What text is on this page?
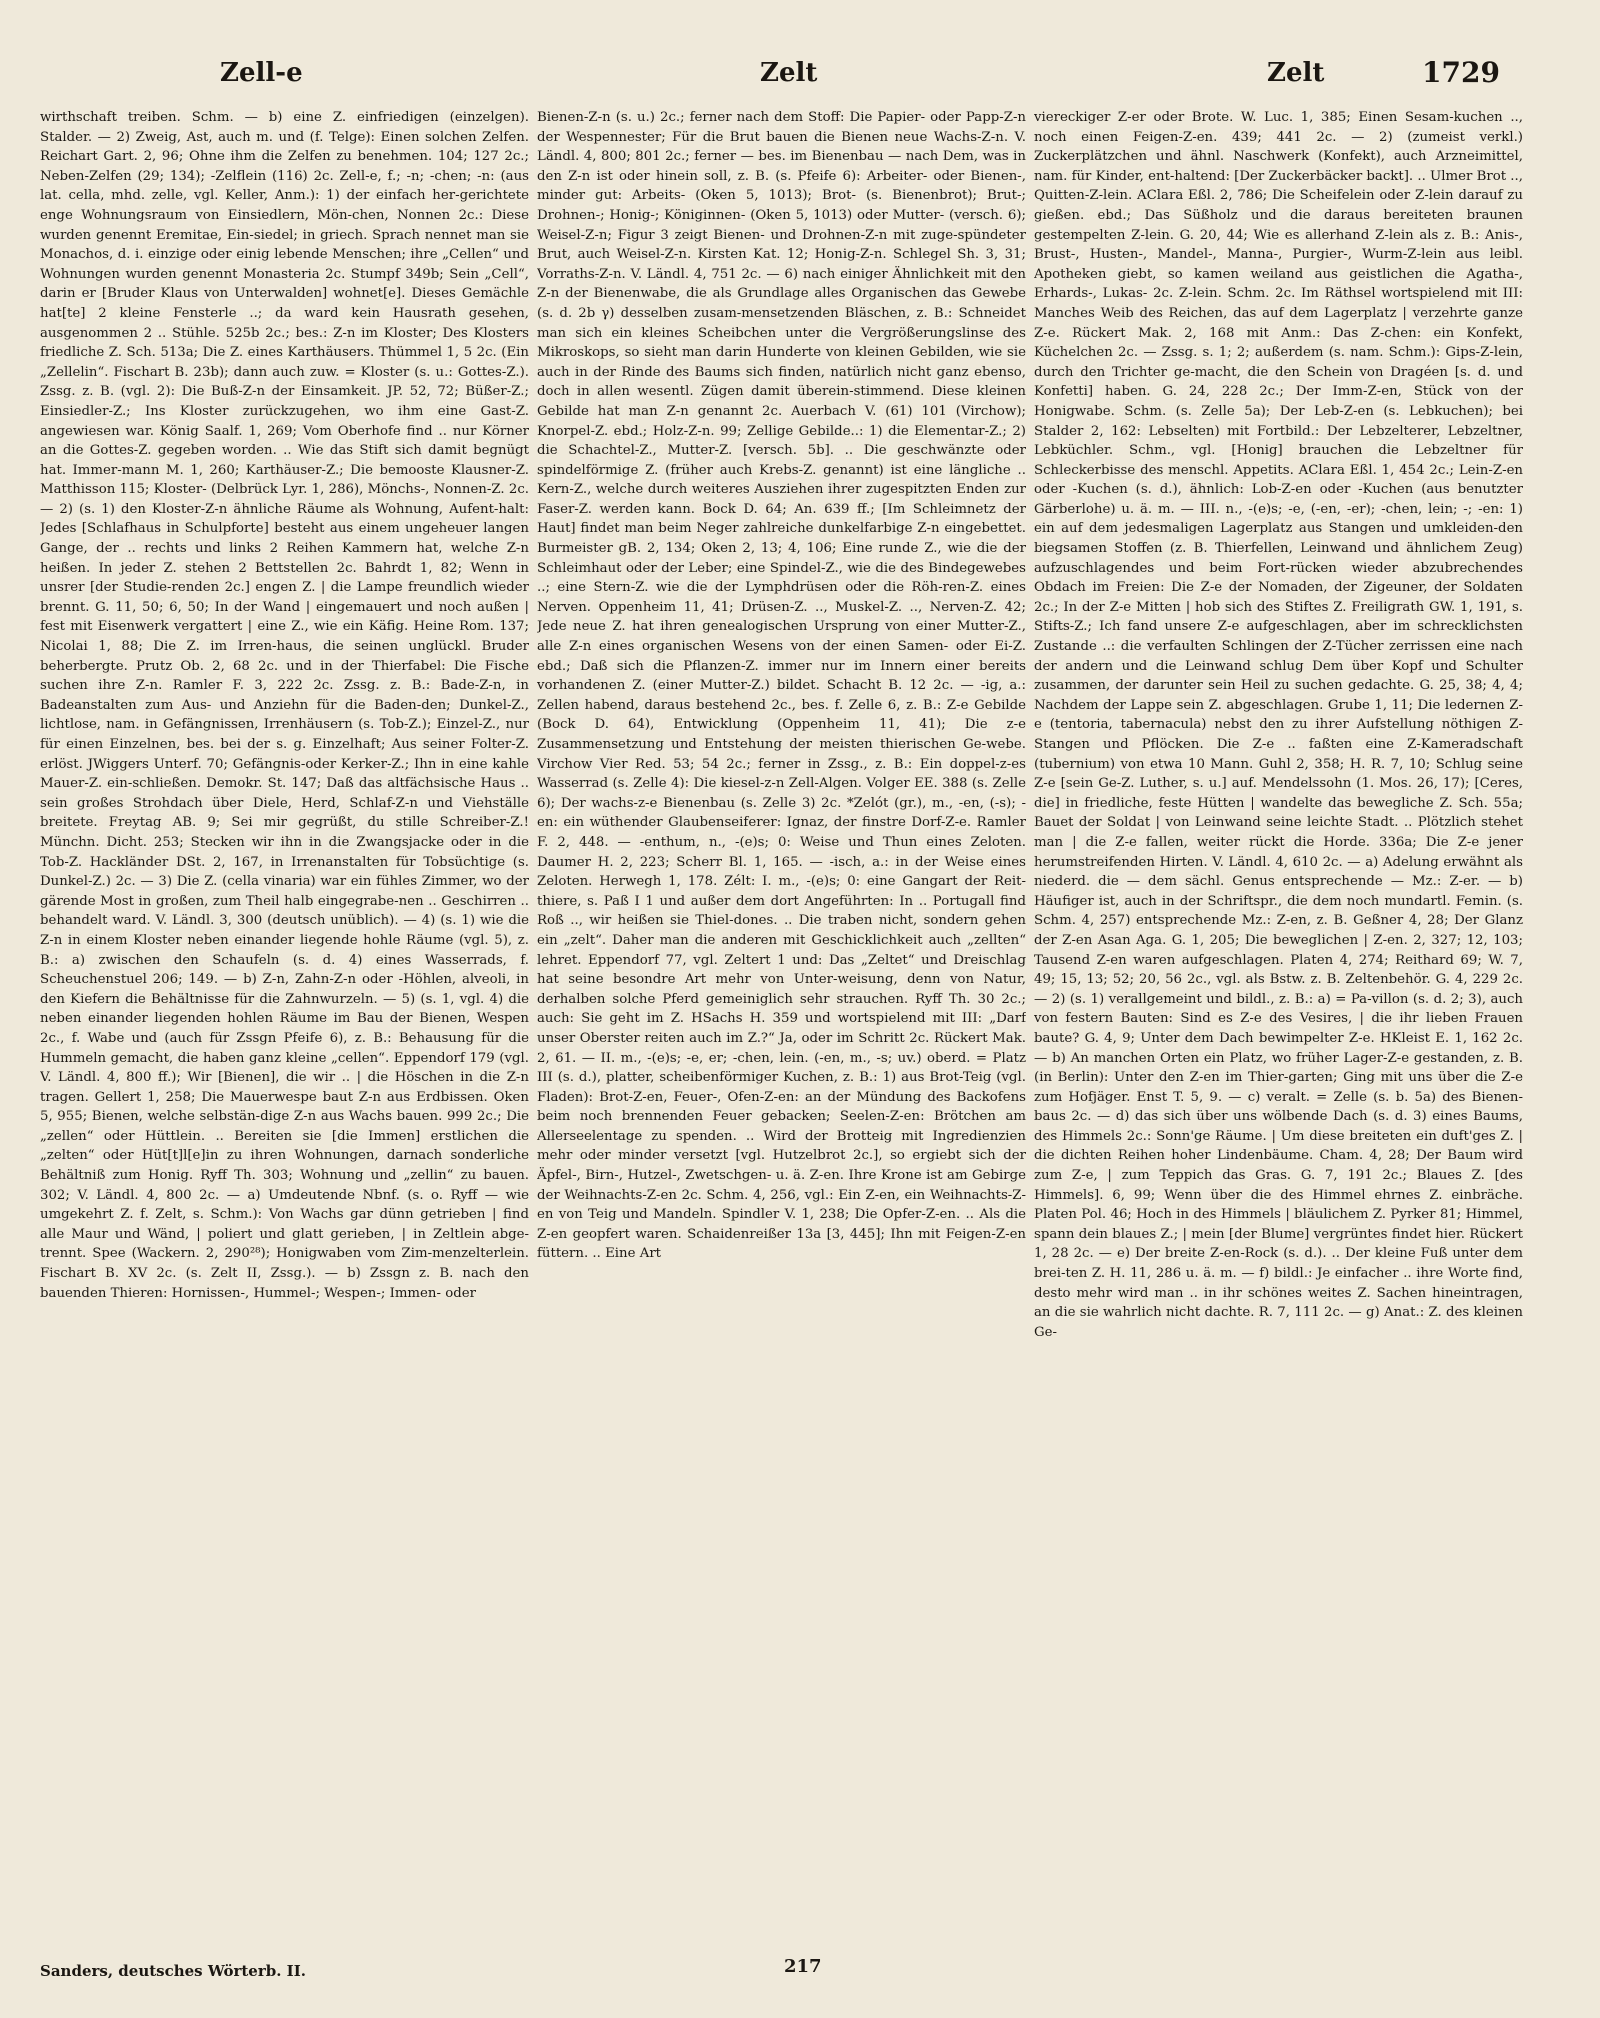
Zell-e	Zelt	Zelt	1729

wirthschaft treiben. Schm. — b) eine Z. einfriedigen (einzelgen). Stalder. — 2) Zweig, Ast, auch m. und (f. Telge): Einen solchen Zelfen. Reichart Gart. 2, 96; Ohne ihm die Zelfen zu benehmen. 104; 127 2c.; Neben-Zelfen (29; 134); -Zelflein (116) 2c. Zell-e, f.; -n; -chen; -n: (aus lat. cella, mhd. zelle, vgl. Keller, Anm.): 1) der einfach her-gerichtete enge Wohnungsraum von Einsiedlern, Mön-chen, Nonnen 2c.: Diese wurden genennt Eremitae, Ein-siedel; in griech. Sprach nennet man sie Monachos, d. i. einzige oder einig lebende Menschen; ihre „Cellen“ und Wohnungen wurden genennt Monasteria 2c. Stumpf 349b; Sein „Cell“, darin er [Bruder Klaus von Unterwalden] wohnet[e]. Dieses Gemächle hat[te] 2 kleine Fensterle ..; da ward kein Hausrath gesehen, ausgenommen 2 .. Stühle. 525b 2c.; bes.: Z-n im Kloster; Des Klosters friedliche Z. Sch. 513a; Die Z. eines Karthäusers. Thümmel 1, 5 2c. (Ein „Zellelin“. Fischart B. 23b); dann auch zuw. = Kloster (s. u.: Gottes-Z.). Zssg. z. B. (vgl. 2): Die Buß-Z-n der Einsamkeit. JP. 52, 72; Büßer-Z.; Einsiedler-Z.; Ins Kloster zurückzugehen, wo ihm eine Gast-Z. angewiesen war. König Saalf. 1, 269; Vom Oberhofe find .. nur Körner an die Gottes-Z. gegeben worden. .. Wie das Stift sich damit begnügt hat. Immer-mann M. 1, 260; Karthäuser-Z.; Die bemooste Klausner-Z. Matthisson 115; Kloster- (Delbrück Lyr. 1, 286), Mönchs-, Nonnen-Z. 2c. — 2) (s. 1) den Kloster-Z-n ähnliche Räume als Wohnung, Aufent-halt: Jedes [Schlafhaus in Schulpforte] besteht aus einem ungeheuer langen Gange, der .. rechts und links 2 Reihen Kammern hat, welche Z-n heißen. In jeder Z. stehen 2 Bettstellen 2c. Bahrdt 1, 82; Wenn in unsrer [der Studie-renden 2c.] engen Z. | die Lampe freundlich wieder brennt. G. 11, 50; 6, 50; In der Wand | eingemauert und noch außen | fest mit Eisenwerk vergattert | eine Z., wie ein Käfig. Heine Rom. 137; Nicolai 1, 88; Die Z. im Irren-haus, die seinen unglückl. Bruder beherbergte. Prutz Ob. 2, 68 2c. und in der Thierfabel: Die Fische suchen ihre Z-n. Ramler F. 3, 222 2c. Zssg. z. B.: Bade-Z-n, in Badeanstalten zum Aus- und Anziehn für die Baden-den; Dunkel-Z., lichtlose, nam. in Gefängnissen, Irrenhäusern (s. Tob-Z.); Einzel-Z., nur für einen Einzelnen, bes. bei der s. g. Einzelhaft; Aus seiner Folter-Z. erlöst. JWiggers Unterf. 70; Gefängnis-oder Kerker-Z.; Ihn in eine kahle Mauer-Z. ein-schließen. Demokr. St. 147; Daß das altfächsische Haus .. sein großes Strohdach über Diele, Herd, Schlaf-Z-n und Viehställe breitete. Freytag AB. 9; Sei mir gegrüßt, du stille Schreiber-Z.! Münchn. Dicht. 253; Stecken wir ihn in die Zwangsjacke oder in die Tob-Z. Hackländer DSt. 2, 167, in Irrenanstalten für Tobsüchtige (s. Dunkel-Z.) 2c. — 3) Die Z. (cella vinaria) war ein fühles Zimmer, wo der gärende Most in großen, zum Theil halb eingegrabe-nen .. Geschirren .. behandelt ward. V. Ländl. 3, 300 (deutsch unüblich). — 4) (s. 1) wie die Z-n in einem Kloster neben einander liegende hohle Räume (vgl. 5), z. B.: a) zwischen den Schaufeln (s. d. 4) eines Wasserrads, f. Scheuchenstuel 206; 149. — b) Z-n, Zahn-Z-n oder -Höhlen, alveoli, in den Kiefern die Behältnisse für die Zahnwurzeln. — 5) (s. 1, vgl. 4) die neben einander liegenden hohlen Räume im Bau der Bienen, Wespen 2c., f. Wabe und (auch für Zssgn Pfeife 6), z. B.: Behausung für die Hummeln gemacht, die haben ganz kleine „cellen“. Eppendorf 179 (vgl. V. Ländl. 4, 800 ff.); Wir [Bienen], die wir .. | die Höschen in die Z-n tragen. Gellert 1, 258; Die Mauerwespe baut Z-n aus Erdbissen. Oken 5, 955; Bienen, welche selbstän-dige Z-n aus Wachs bauen. 999 2c.; Die „zellen“ oder Hüttlein. .. Bereiten sie [die Immen] erstlichen die „zelten“ oder Hüt[t]l[e]in zu ihren Wohnungen, darnach sonderliche Behältniß zum Honig. Ryff Th. 303; Wohnung und „zellin“ zu bauen. 302; V. Ländl. 4, 800 2c. — a) Umdeutende Nbnf. (s. o. Ryff — wie umgekehrt Z. f. Zelt, s. Schm.): Von Wachs gar dünn getrieben | find alle Maur und Wänd, | poliert und glatt gerieben, | in Zeltlein abge-trennt. Spee (Wackern. 2, 290²⁸); Honigwaben vom Zim-menzelterlein. Fischart B. XV 2c. (s. Zelt II, Zssg.). — b) Zssgn z. B. nach den bauenden Thieren: Hornissen-, Hummel-; Wespen-; Immen- oder

Bienen-Z-n (s. u.) 2c.; ferner nach dem Stoff: Die Papier- oder Papp-Z-n der Wespennester; Für die Brut bauen die Bienen neue Wachs-Z-n. V. Ländl. 4, 800; 801 2c.; ferner — bes. im Bienenbau — nach Dem, was in den Z-n ist oder hinein soll, z. B. (s. Pfeife 6): Arbeiter- oder Bienen-, minder gut: Arbeits- (Oken 5, 1013); Brot- (s. Bienenbrot); Brut-; Drohnen-; Honig-; Königinnen- (Oken 5, 1013) oder Mutter- (versch. 6); Weisel-Z-n; Figur 3 zeigt Bienen- und Drohnen-Z-n mit zuge-spündeter Brut, auch Weisel-Z-n. Kirsten Kat. 12; Honig-Z-n. Schlegel Sh. 3, 31; Vorraths-Z-n. V. Ländl. 4, 751 2c. — 6) nach einiger Ähnlichkeit mit den Z-n der Bienenwabe, die als Grundlage alles Organischen das Gewebe (s. d. 2b γ) desselben zusam-mensetzenden Bläschen, z. B.: Schneidet man sich ein kleines Scheibchen unter die Vergrößerungslinse des Mikroskops, so sieht man darin Hunderte von kleinen Gebilden, wie sie auch in der Rinde des Baums sich finden, natürlich nicht ganz ebenso, doch in allen wesentl. Zügen damit überein-stimmend. Diese kleinen Gebilde hat man Z-n genannt 2c. Auerbach V. (61) 101 (Virchow); Knorpel-Z. ebd.; Holz-Z-n. 99; Zellige Gebilde..: 1) die Elementar-Z.; 2) die Schachtel-Z., Mutter-Z. [versch. 5b]. .. Die geschwänzte oder spindelförmige Z. (früher auch Krebs-Z. genannt) ist eine längliche .. Kern-Z., welche durch weiteres Ausziehen ihrer zugespitzten Enden zur Faser-Z. werden kann. Bock D. 64; An. 639 ff.; [Im Schleimnetz der Haut] findet man beim Neger zahlreiche dunkelfarbige Z-n eingebettet. Burmeister gB. 2, 134; Oken 2, 13; 4, 106; Eine runde Z., wie die der Schleimhaut oder der Leber; eine Spindel-Z., wie die des Bindegewebes ..; eine Stern-Z. wie die der Lymphdrüsen oder die Röh-ren-Z. eines Nerven. Oppenheim 11, 41; Drüsen-Z. .., Muskel-Z. .., Nerven-Z. 42; Jede neue Z. hat ihren genealogischen Ursprung von einer Mutter-Z., alle Z-n eines organischen Wesens von der einen Samen- oder Ei-Z. ebd.; Daß sich die Pflanzen-Z. immer nur im Innern einer bereits vorhandenen Z. (einer Mutter-Z.) bildet. Schacht B. 12 2c. — -ig, a.: Zellen habend, daraus bestehend 2c., bes. f. Zelle 6, z. B.: Z-e Gebilde (Bock D. 64), Entwicklung (Oppenheim 11, 41); Die z-e Zusammensetzung und Entstehung der meisten thierischen Ge-webe. Virchow Vier Red. 53; 54 2c.; ferner in Zssg., z. B.: Ein doppel-z-es Wasserrad (s. Zelle 4): Die kiesel-z-n Zell-Algen. Volger EE. 388 (s. Zelle 6); Der wachs-z-e Bienenbau (s. Zelle 3) 2c. *Zelót (gr.), m., -en, (-s); -en: ein wüthender Glaubenseiferer: Ignaz, der finstre Dorf-Z-e. Ramler F. 2, 448. — -enthum, n., -(e)s; 0: Weise und Thun eines Zeloten. Daumer H. 2, 223; Scherr Bl. 1, 165. — -isch, a.: in der Weise eines Zeloten. Herwegh 1, 178. Zélt: I. m., -(e)s; 0: eine Gangart der Reit-thiere, s. Paß I 1 und außer dem dort Angeführten: In .. Portugall find Roß .., wir heißen sie Thiel-dones. .. Die traben nicht, sondern gehen ein „zelt“. Daher man die anderen mit Geschicklichkeit auch „zellten“ lehret. Eppendorf 77, vgl. Zeltert 1 und: Das „Zeltet“ und Dreischlag hat seine besondre Art mehr von Unter-weisung, denn von Natur, derhalben solche Pferd gemeiniglich sehr strauchen. Ryff Th. 30 2c.; auch: Sie geht im Z. HSachs H. 359 und wortspielend mit III: „Darf unser Oberster reiten auch im Z.?“ Ja, oder im Schritt 2c. Rückert Mak. 2, 61. — II. m., -(e)s; -e, er; -chen, lein. (-en, m., -s; uv.) oberd. = Platz III (s. d.), platter, scheibenförmiger Kuchen, z. B.: 1) aus Brot-Teig (vgl. Fladen): Brot-Z-en, Feuer-, Ofen-Z-en: an der Mündung des Backofens beim noch brennenden Feuer gebacken; Seelen-Z-en: Brötchen am Allerseelentage zu spenden. .. Wird der Brotteig mit Ingredienzien mehr oder minder versetzt [vgl. Hutzelbrot 2c.], so ergiebt sich der Äpfel-, Birn-, Hutzel-, Zwetschgen- u. ä. Z-en. Ihre Krone ist am Gebirge der Weihnachts-Z-en 2c. Schm. 4, 256, vgl.: Ein Z-en, ein Weihnachts-Z-en von Teig und Mandeln. Spindler V. 1, 238; Die Opfer-Z-en. .. Als die Z-en geopfert waren. Schaidenreißer 13a [3, 445]; Ihn mit Feigen-Z-en füttern. .. Eine Art

viereckiger Z-er oder Brote. W. Luc. 1, 385; Einen Sesam-kuchen .., noch einen Feigen-Z-en. 439; 441 2c. — 2) (zumeist verkl.) Zuckerplätzchen und ähnl. Naschwerk (Konfekt), auch Arzneimittel, nam. für Kinder, ent-haltend: [Der Zuckerbäcker backt]. .. Ulmer Brot .., Quitten-Z-lein. AClara Eßl. 2, 786; Die Scheifelein oder Z-lein darauf zu gießen. ebd.; Das Süßholz und die daraus bereiteten braunen gestempelten Z-lein. G. 20, 44; Wie es allerhand Z-lein als z. B.: Anis-, Brust-, Husten-, Mandel-, Manna-, Purgier-, Wurm-Z-lein aus leibl. Apotheken giebt, so kamen weiland aus geistlichen die Agatha-, Erhards-, Lukas- 2c. Z-lein. Schm. 2c. Im Räthsel wortspielend mit III: Manches Weib des Reichen, das auf dem Lagerplatz | verzehrte ganze Z-e. Rückert Mak. 2, 168 mit Anm.: Das Z-chen: ein Konfekt, Küchelchen 2c. — Zssg. s. 1; 2; außerdem (s. nam. Schm.): Gips-Z-lein, durch den Trichter ge-macht, die den Schein von Dragéen [s. d. und Konfetti] haben. G. 24, 228 2c.; Der Imm-Z-en, Stück von der Honigwabe. Schm. (s. Zelle 5a); Der Leb-Z-en (s. Lebkuchen); bei Stalder 2, 162: Lebselten) mit Fortbild.: Der Lebzelterer, Lebzeltner, Lebküchler. Schm., vgl. [Honig] brauchen die Lebzeltner für Schleckerbisse des menschl. Appetits. AClara Eßl. 1, 454 2c.; Lein-Z-en oder -Kuchen (s. d.), ähnlich: Lob-Z-en oder -Kuchen (aus benutzter Gärberlohe) u. ä. m. — III. n., -(e)s; -e, (-en, -er); -chen, lein; -; -en: 1) ein auf dem jedesmaligen Lagerplatz aus Stangen und umkleiden-den biegsamen Stoffen (z. B. Thierfellen, Leinwand und ähnlichem Zeug) aufzuschlagendes und beim Fort-rücken wieder abzubrechendes Obdach im Freien: Die Z-e der Nomaden, der Zigeuner, der Soldaten 2c.; In der Z-e Mitten | hob sich des Stiftes Z. Freiligrath GW. 1, 191, s. Stifts-Z.; Ich fand unsere Z-e aufgeschlagen, aber im schrecklichsten Zustande ..: die verfaulten Schlingen der Z-Tücher zerrissen eine nach der andern und die Leinwand schlug Dem über Kopf und Schulter zusammen, der darunter sein Heil zu suchen gedachte. G. 25, 38; 4, 4; Nachdem der Lappe sein Z. abgeschlagen. Grube 1, 11; Die ledernen Z-e (tentoria, tabernacula) nebst den zu ihrer Aufstellung nöthigen Z-Stangen und Pflöcken. Die Z-e .. faßten eine Z-Kameradschaft (tubernium) von etwa 10 Mann. Guhl 2, 358; H. R. 7, 10; Schlug seine Z-e [sein Ge-Z. Luther, s. u.] auf. Mendelssohn (1. Mos. 26, 17); [Ceres, die] in friedliche, feste Hütten | wandelte das bewegliche Z. Sch. 55a; Bauet der Soldat | von Leinwand seine leichte Stadt. .. Plötzlich stehet man | die Z-e fallen, weiter rückt die Horde. 336a; Die Z-e jener herumstreifenden Hirten. V. Ländl. 4, 610 2c. — a) Adelung erwähnt als niederd. die — dem sächl. Genus entsprechende — Mz.: Z-er. — b) Häufiger ist, auch in der Schriftspr., die dem noch mundartl. Femin. (s. Schm. 4, 257) entsprechende Mz.: Z-en, z. B. Geßner 4, 28; Der Glanz der Z-en Asan Aga. G. 1, 205; Die beweglichen | Z-en. 2, 327; 12, 103; Tausend Z-en waren aufgeschlagen. Platen 4, 274; Reithard 69; W. 7, 49; 15, 13; 52; 20, 56 2c., vgl. als Bstw. z. B. Zeltenbehör. G. 4, 229 2c. — 2) (s. 1) verallgemeint und bildl., z. B.: a) = Pa-villon (s. d. 2; 3), auch von festern Bauten: Sind es Z-e des Vesires, | die ihr lieben Frauen baute? G. 4, 9; Unter dem Dach bewimpelter Z-e. HKleist E. 1, 162 2c. — b) An manchen Orten ein Platz, wo früher Lager-Z-e gestanden, z. B. (in Berlin): Unter den Z-en im Thier-garten; Ging mit uns über die Z-e zum Hofjäger. Enst T. 5, 9. — c) veralt. = Zelle (s. b. 5a) des Bienen-baus 2c. — d) das sich über uns wölbende Dach (s. d. 3) eines Baums, des Himmels 2c.: Sonn'ge Räume. | Um diese breiteten ein duft'ges Z. | die dichten Reihen hoher Lindenbäume. Cham. 4, 28; Der Baum wird zum Z-e, | zum Teppich das Gras. G. 7, 191 2c.; Blaues Z. [des Himmels]. 6, 99; Wenn über die des Himmel ehrnes Z. einbräche. Platen Pol. 46; Hoch in des Himmels | bläulichem Z. Pyrker 81; Himmel, spann dein blaues Z.; | mein [der Blume] vergrüntes findet hier. Rückert 1, 28 2c. — e) Der breite Z-en-Rock (s. d.). .. Der kleine Fuß unter dem brei-ten Z. H. 11, 286 u. ä. m. — f) bildl.: Je einfacher .. ihre Worte find, desto mehr wird man .. in ihr schönes weites Z. Sachen hineintragen, an die sie wahrlich nicht dachte. R. 7, 111 2c. — g) Anat.: Z. des kleinen Ge-

Sanders, deutsches Wörterb. II.	217
